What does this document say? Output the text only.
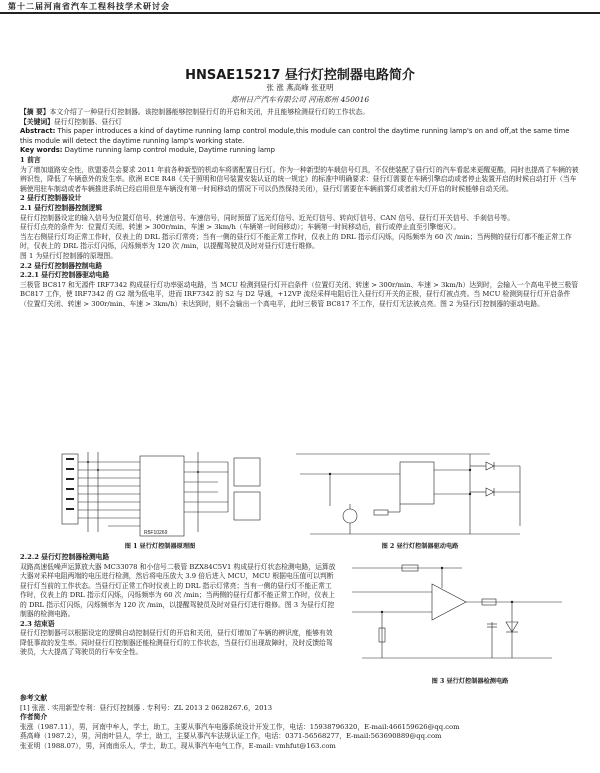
第十二届河南省汽车工程科技学术研讨会
HNSAE15217 昼行灯控制器电路简介
张 涨 燕高峰 张亚明
郑州日产汽车有限公司 河南郑州 450016
【摘 要】本文介绍了一种昼行灯控制器。该控制器能够控制昼行灯的开启和关闭，并且能够检测昼行灯的工作状态。
【关键词】昼行灯控制器、昼行灯
Abstract: This paper introduces a kind of daytime running lamp control module,this module can control the daytime running lamp's on and off,at the same time this module will detect the daytime running lamp's working state.
Key words: Daytime running lamp control module, Daytime running lamp
1 前言
为了增加道路安全性，欧盟委员会要求 2011 年前各种新型的机动车将需配置日行灯。作为一种新型的车载信号灯具，不仅使装配了昼行灯的汽车看起来更醒更酷，同时也提高了车辆的被辨识性，降低了车辆意外的发生率。欧洲 ECE R48《关于照明和信号装置安装认证的统一规定》的标准中明确要求：昼行灯需要在车辆引擎启动或者停止装置开启的时候自动打开（当车辆使用驻车制动或者车辆推进系统已经启用但是车辆没有第一时间移动的情况下可以仍然保持关闭），昼行灯需要在车辆前雾灯或者前大灯开启的时候能够自动关闭。
2 昼行灯控制器设计
2.1 昼行灯控制器控制逻辑
昼行灯控制器设定的输入信号为位置灯信号、转速信号、车速信号，同时预留了远光灯信号、近光灯信号、转向灯信号、CAN 信号、昼行灯开关信号、手刹信号等。
昼行灯点亮的条件为：位置灯关闭、转速 > 300r/min、车速 > 3km/h（车辆第一时间移动）；车辆第一时间移动后，前行或停止直至引擎熄灭）。
当左右侧昼行灯均正常工作时，仅表上的 DRL 指示灯常亮；当有一侧的昼行灯不能正常工作时，仅表上的 DRL 指示灯闪烁，闪烁频率为 60 次 /min；当两侧的昼行灯都不能正常工作时，仅表上的 DRL 指示灯闪烁，闪烁频率为 120 次 /min，以提醒驾驶员及时对昼行灯进行维修。
图 1 为昼行灯控制器的原理图。
2.2 昼行灯控制器控制电路
2.2.1 昼行灯控制器驱动电路
三极管 BC817 和无源件 IRF7342 构成昼行灯功率驱动电路，当 MCU 检测到昼行灯开启条件（位置灯关闭、转速 > 300r/min、车速 > 3km/h）达到时，会输入一个高电平使三极管 BC817 工作，使 IRF7342 的 G2 端为低电平，进而 IRF7342 的 S2 与 D2 导通，+12VP 流经采样电阻后注入昼行灯开关的正极，昼行灯被点亮。当 MCU 检测到昼行灯开启条件（位置灯关闭、转速 > 300r/min、车速 > 3km/h）未达到时，则不会输出一个高电平，此时三极管 BC817 不工作，昼行灯无法被点亮。图 2 为昼行灯控制器的驱动电路。
R5F10269
图 1 昼行灯控制器原理图	图 2 昼行灯控制器驱动电路
2.2.2 昼行灯控制器检测电路
双路高速低噪声运算放大器 MC33078 和小信号二极管 BZX84C5V1 构成昼行灯状态检测电路，运算放大器对采样电阻两端的电压进行检测，然后将电压放大 3.9 倍后进入 MCU，MCU 根据电压值可以判断昼行灯当前的工作状态。当昼行灯正常工作时仪表上的 DRL 指示灯常亮；当有一侧的昼行灯不能正常工作时，仪表上的 DRL 指示灯闪烁，闪烁频率为 60 次 /min；当两侧的昼行灯都不能正常工作时，仪表上的 DRL 指示灯闪烁，闪烁频率为 120 次 /min，以提醒驾驶员及时对昼行灯进行维修。图 3 为昼行灯控制器的检测电路。
2.3 结束语
昼行灯控制器可以根据设定的逻辑自动控制昼行灯的开启和关闭，昼行灯增加了车辆的辨识度，能够有效降低事故的发生率。同时昼行灯控制器还能检测昼行灯的工作状态，当昼行灯出现故障时，及时反馈给驾驶员，大大提高了驾驶员的行车安全性。
图 3 昼行灯控制器检测电路
参考文献
[1] 张涨 . 实用新型专利：昼行灯控制器 . 专利号：ZL 2013 2 0628267.6，2013
作者简介
张涨（1987.11），男，河南中牟人，学士，助工，主要从事汽车电器系统设计开发工作，电话：15938796320，E-mail:466159626@qq.com
燕高峰（1987.2），男，河南叶县人，学士，助工，主要从事汽车法规认证工作，电话：0371-56568277，E-mail:563690889@qq.com
张亚明（1988.07），男，河南南乐人，学士，助工，现从事汽车电气工作，E-mail: vmhfut@163.com
